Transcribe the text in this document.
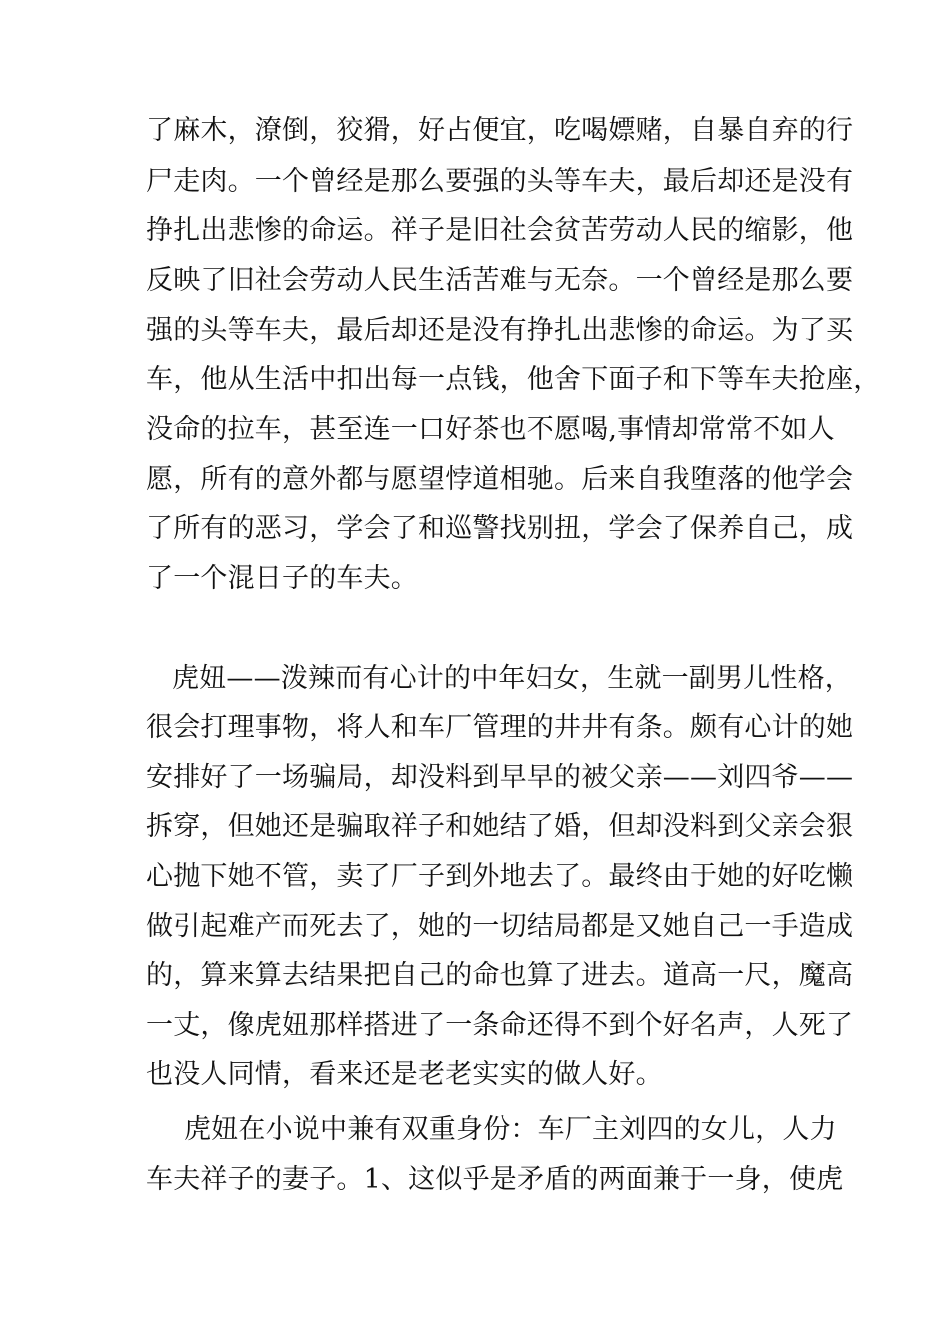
了麻木，潦倒，狡猾，好占便宜，吃喝嫖赌，自暴自弃的行
尸走肉。一个曾经是那么要强的头等车夫，最后却还是没有
挣扎出悲惨的命运。祥子是旧社会贫苦劳动人民的缩影，他
反映了旧社会劳动人民生活苦难与无奈。一个曾经是那么要
强的头等车夫，最后却还是没有挣扎出悲惨的命运。为了买
车，他从生活中扣出每一点钱，他舍下面子和下等车夫抢座，
没命的拉车，甚至连一口好茶也不愿喝,事情却常常不如人
愿，所有的意外都与愿望悖道相驰。后来自我堕落的他学会
了所有的恶习，学会了和巡警找别扭，学会了保养自己，成
了一个混日子的车夫。
虎妞——泼辣而有心计的中年妇女，生就一副男儿性格，
很会打理事物，将人和车厂管理的井井有条。颇有心计的她
安排好了一场骗局，却没料到早早的被父亲——刘四爷——
拆穿，但她还是骗取祥子和她结了婚，但却没料到父亲会狠
心抛下她不管，卖了厂子到外地去了。最终由于她的好吃懒
做引起难产而死去了，她的一切结局都是又她自己一手造成
的，算来算去结果把自己的命也算了进去。道高一尺，魔高
一丈，像虎妞那样搭进了一条命还得不到个好名声，人死了
也没人同情，看来还是老老实实的做人好。
虎妞在小说中兼有双重身份：车厂主刘四的女儿，人力
车夫祥子的妻子。1、这似乎是矛盾的两面兼于一身，使虎
